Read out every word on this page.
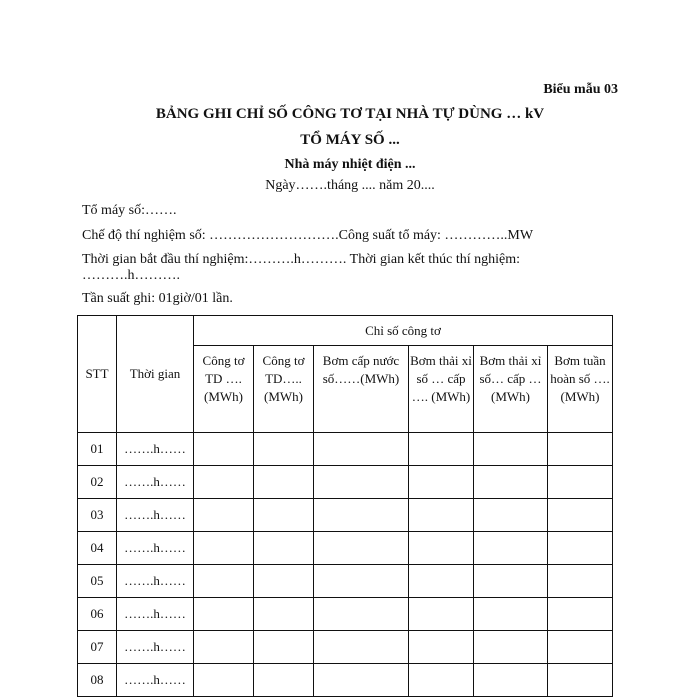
Biểu mẫu 03
BẢNG GHI CHỈ SỐ CÔNG TƠ TẠI NHÀ TỰ DÙNG … kV
TỔ MÁY SỐ ...
Nhà máy nhiệt điện ...
Ngày…….tháng .... năm 20....
Tổ máy số:…….
Chế độ thí nghiệm số: ……………………….Công suất tổ máy: …………..MW
Thời gian bắt đầu thí nghiệm:……….h………. Thời gian kết thúc thí nghiệm:
……….h……….
Tần suất ghi: 01giờ/01 lần.
STT	Thời gian	Chỉ số công tơ					

		Công tơ TD …. (MWh)	Công tơ TD….. (MWh)	Bơm cấp nước số……(MWh)	Bơm thải xỉ số … cấp …. (MWh)	Bơm thải xỉ số… cấp … (MWh)	Bơm tuần hoàn số …. (MWh)

01	…….h……						
02	…….h……						
03	…….h……						
04	…….h……						
05	…….h……						
06	…….h……						
07	…….h……						
08	…….h……						
